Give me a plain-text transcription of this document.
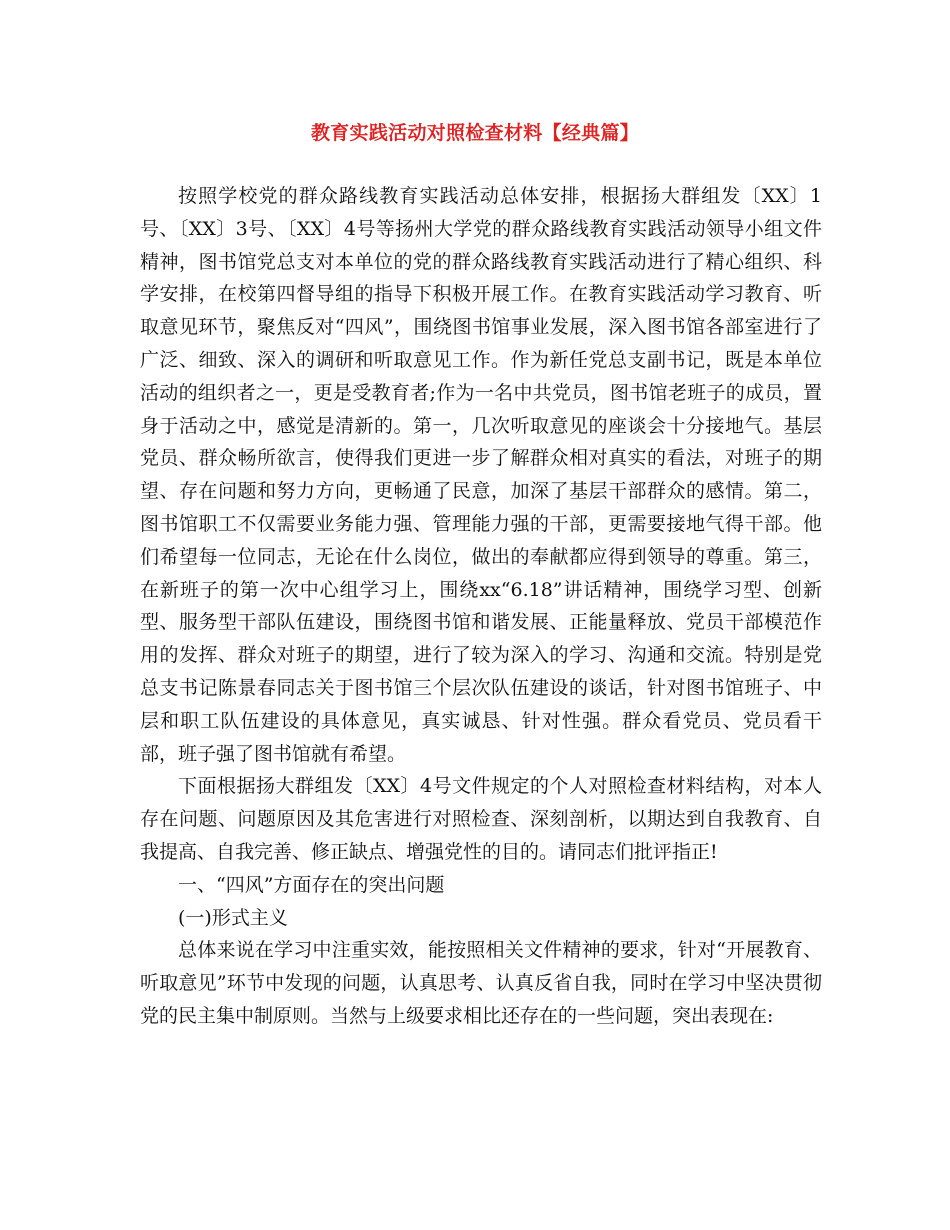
教育实践活动对照检查材料【经典篇】

按照学校党的群众路线教育实践活动总体安排，根据扬大群组发〔XX〕1号、〔XX〕3号、〔XX〕4号等扬州大学党的群众路线教育实践活动领导小组文件精神，图书馆党总支对本单位的党的群众路线教育实践活动进行了精心组织、科学安排，在校第四督导组的指导下积极开展工作。在教育实践活动学习教育、听取意见环节，聚焦反对“四风”，围绕图书馆事业发展，深入图书馆各部室进行了广泛、细致、深入的调研和听取意见工作。作为新任党总支副书记，既是本单位活动的组织者之一，更是受教育者;作为一名中共党员，图书馆老班子的成员，置身于活动之中，感觉是清新的。第一，几次听取意见的座谈会十分接地气。基层党员、群众畅所欲言，使得我们更进一步了解群众相对真实的看法，对班子的期望、存在问题和努力方向，更畅通了民意，加深了基层干部群众的感情。第二，图书馆职工不仅需要业务能力强、管理能力强的干部，更需要接地气得干部。他们希望每一位同志，无论在什么岗位，做出的奉献都应得到领导的尊重。第三，在新班子的第一次中心组学习上，围绕xx“6.18”讲话精神，围绕学习型、创新型、服务型干部队伍建设，围绕图书馆和谐发展、正能量释放、党员干部模范作用的发挥、群众对班子的期望，进行了较为深入的学习、沟通和交流。特别是党总支书记陈景春同志关于图书馆三个层次队伍建设的谈话，针对图书馆班子、中层和职工队伍建设的具体意见，真实诚恳、针对性强。群众看党员、党员看干部，班子强了图书馆就有希望。

下面根据扬大群组发〔XX〕4号文件规定的个人对照检查材料结构，对本人存在问题、问题原因及其危害进行对照检查、深刻剖析，以期达到自我教育、自我提高、自我完善、修正缺点、增强党性的目的。请同志们批评指正!

一、“四风”方面存在的突出问题

(一)形式主义

总体来说在学习中注重实效，能按照相关文件精神的要求，针对“开展教育、听取意见”环节中发现的问题，认真思考、认真反省自我，同时在学习中坚决贯彻党的民主集中制原则。当然与上级要求相比还存在的一些问题，突出表现在:
